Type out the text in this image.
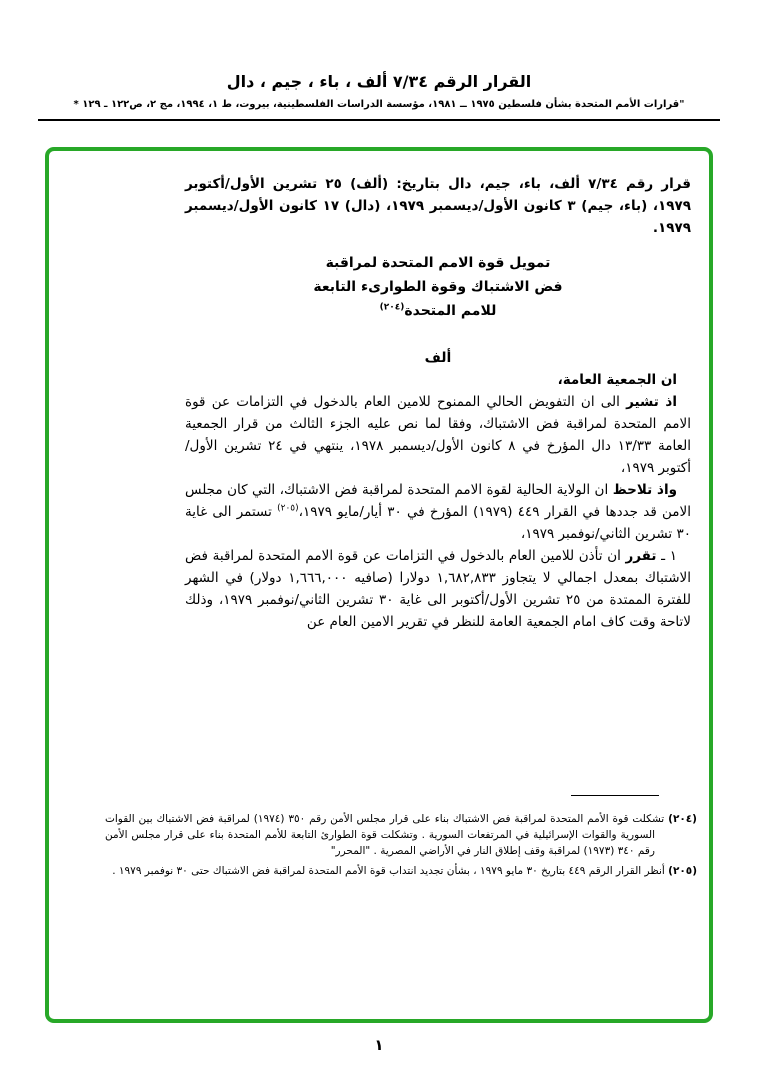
القرار الرقم ٧/٣٤ ألف ، باء ، جيم ، دال
"قرارات الأمم المتحدة بشأن فلسطين ١٩٧٥ ــ ١٩٨١، مؤسسة الدراسات الفلسطينية، بيروت، ط ١، ١٩٩٤، مج ٢، ص١٢٢ ـ ١٢٩ *

قرار رقم ٧/٣٤ ألف، باء، جيم، دال بتاريخ: (ألف) ٢٥ تشرين الأول/أكتوبر ١٩٧٩، (باء، جيم) ٣ كانون الأول/ديسمبر ١٩٧٩، (دال) ١٧ كانون الأول/ديسمبر ١٩٧٩.

تمويل قوة الامم المتحدة لمراقبة
فض الاشتباك وقوة الطوارىء التابعة
للامم المتحدة$^{(٢٠٤)}$
ألف

ان الجمعية العامة،

اذ تشير الى ان التفويض الحالي الممنوح للامين العام بالدخول في التزامات عن قوة الامم المتحدة لمراقبة فض الاشتباك، وفقا لما نص عليه الجزء الثالث من قرار الجمعية العامة ١٣/٣٣ دال المؤرخ في ٨ كانون الأول/ديسمبر ١٩٧٨، ينتهي في ٢٤ تشرين الأول/أكتوبر ١٩٧٩،

واذ تلاحظ ان الولاية الحالية لقوة الامم المتحدة لمراقبة فض الاشتباك، التي كان مجلس الامن قد جددها في القرار ٤٤٩ (١٩٧٩) المؤرخ في ٣٠ أيار/مايو ١٩٧٩،$^{(٢٠٥)}$ تستمر الى غاية ٣٠ تشرين الثاني/نوفمبر ١٩٧٩،

١ ـ تقرر ان تأذن للامين العام بالدخول في التزامات عن قوة الامم المتحدة لمراقبة فض الاشتباك بمعدل اجمالي لا يتجاوز ١,٦٨٢,٨٣٣ دولارا (صافيه ١,٦٦٦,٠٠٠ دولار) في الشهر للفترة الممتدة من ٢٥ تشرين الأول/أكتوبر الى غاية ٣٠ تشرين الثاني/نوفمبر ١٩٧٩، وذلك لاتاحة وقت كاف امام الجمعية العامة للنظر في تقرير الامين العام عن

(٢٠٤) تشكلت قوة الأمم المتحدة لمراقبة فض الاشتباك بناء على قرار مجلس الأمن رقم ٣٥٠ (١٩٧٤) لمراقبة فض الاشتباك بين القوات السورية والقوات الإسرائيلية في المرتفعات السورية . وتشكلت قوة الطوارئ التابعة للأمم المتحدة بناء على قرار مجلس الأمن رقم ٣٤٠ (١٩٧٣) لمراقبة وقف إطلاق النار في الأراضي المصرية . "المحرر"

(٢٠٥) أنظر القرار الرقم ٤٤٩ بتاريخ ٣٠ مايو ١٩٧٩ ، بشأن تجديد انتداب قوة الأمم المتحدة لمراقبة فض الاشتباك حتى ٣٠ نوفمبر ١٩٧٩ .

١
